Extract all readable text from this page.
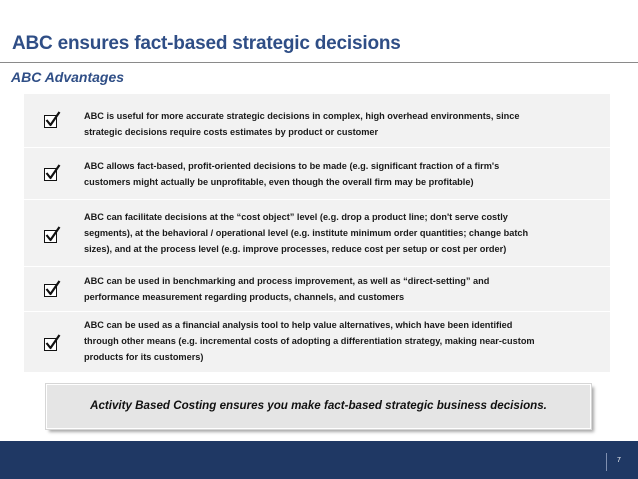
ABC ensures fact-based strategic decisions
ABC Advantages
ABC is useful for more accurate strategic decisions in complex, high overhead environments, since
strategic decisions require costs estimates by product or customer
ABC allows fact-based, profit-oriented decisions to be made (e.g. significant fraction of a firm's
customers might actually be unprofitable, even though the overall firm may be profitable)
ABC can facilitate decisions at the “cost object” level (e.g. drop a product line; don't serve costly
segments), at the behavioral / operational level (e.g. institute minimum order quantities; change batch
sizes), and at the process level (e.g. improve processes, reduce cost per setup or cost per order)
ABC can be used in benchmarking and process improvement, as well as “direct-setting” and
performance measurement regarding products, channels, and customers
ABC can be used as a financial analysis tool to help value alternatives, which have been identified
through other means (e.g. incremental costs of adopting a differentiation strategy, making near-custom
products for its customers)
Activity Based Costing ensures you make fact-based strategic business decisions.
7
